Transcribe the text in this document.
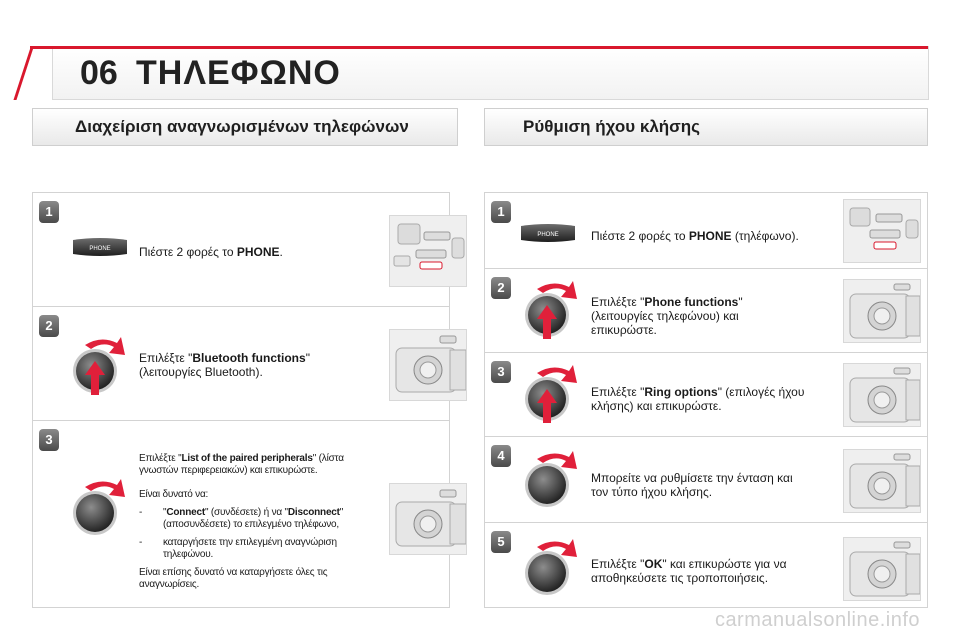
06 ΤΗΛΕΦΩΝΟ
Διαχείριση αναγνωρισμένων τηλεφώνων	Ρύθμιση ήχου κλήσης
1
PHONE Πιέστε 2 φορές το PHONE.
2
Επιλέξτε "Bluetooth functions"
(λειτουργίες Bluetooth).
3
Επιλέξτε "List of the paired peripherals" (λίστα
γνωστών περιφερειακών) και επικυρώστε.
Είναι δυνατό να:
- "Connect" (συνδέσετε) ή να "Disconnect"
(αποσυνδέσετε) το επιλεγμένο τηλέφωνο,
- καταργήσετε την επιλεγμένη αναγνώριση
τηλεφώνου.
Είναι επίσης δυνατό να καταργήσετε όλες τις
αναγνωρίσεις.
1
PHONE	Πιέστε 2 φορές το PHONE (τηλέφωνο).
2
Επιλέξτε "Phone functions"
(λειτουργίες τηλεφώνου) και
επικυρώστε.
3
Επιλέξτε "Ring options" (επιλογές ήχου
κλήσης) και επικυρώστε.
4
Μπορείτε να ρυθμίσετε την ένταση και
τον τύπο ήχου κλήσης.
5
Επιλέξτε "OK" και επικυρώστε για να
αποθηκεύσετε τις τροποποιήσεις.
carmanualsonline.info
